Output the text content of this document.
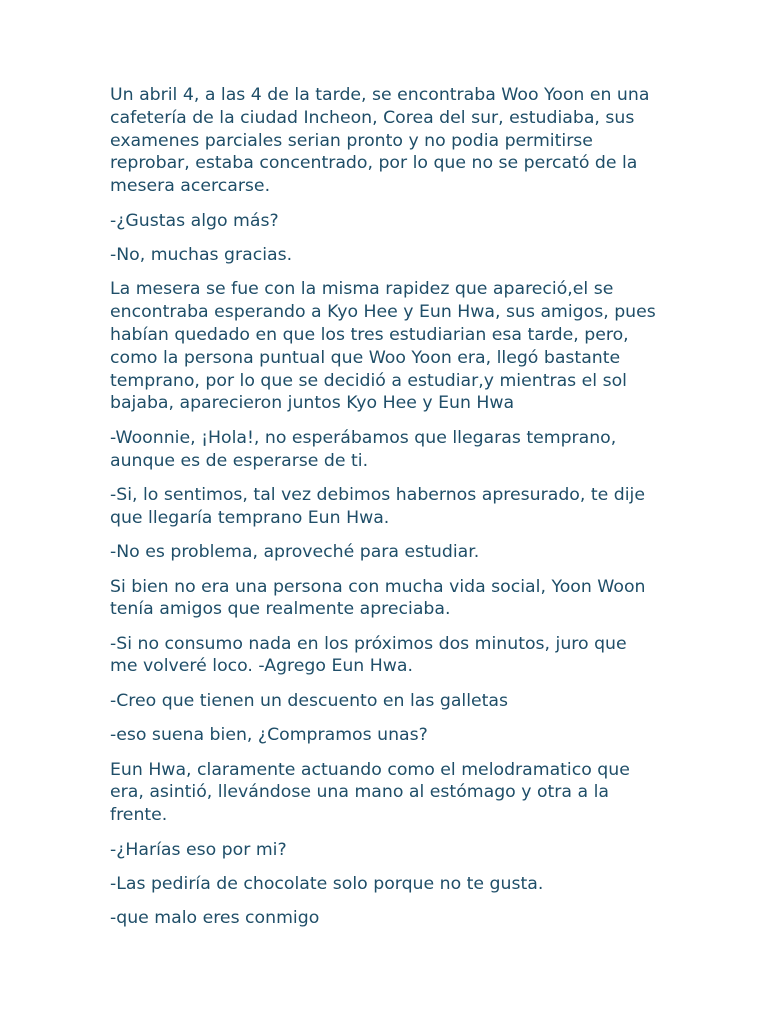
Un abril 4, a las 4 de la tarde, se encontraba Woo Yoon en una cafetería de la ciudad Incheon, Corea del sur, estudiaba, sus examenes parciales serian pronto y no podia permitirse reprobar, estaba concentrado, por lo que no se percató de la mesera acercarse.

-¿Gustas algo más?

-No, muchas gracias.

La mesera se fue con la misma rapidez que apareció,el se encontraba esperando a Kyo Hee y Eun Hwa, sus amigos, pues habían quedado en que los tres estudiarian esa tarde, pero, como la persona puntual que Woo Yoon era, llegó bastante temprano, por lo que se decidió a estudiar,y mientras el sol bajaba, aparecieron juntos Kyo Hee y Eun Hwa

-Woonnie, ¡Hola!, no esperábamos que llegaras temprano, aunque es de esperarse de ti.

-Si, lo sentimos, tal vez debimos habernos apresurado, te dije que llegaría temprano Eun Hwa.

-No es problema, aproveché para estudiar.

Si bien no era una persona con mucha vida social, Yoon Woon tenía amigos que realmente apreciaba.

-Si no consumo nada en los próximos dos minutos, juro que me volveré loco. -Agrego Eun Hwa.

-Creo que tienen un descuento en las galletas

-eso suena bien, ¿Compramos unas?

Eun Hwa, claramente actuando como el melodramatico que era, asintió, llevándose una mano al estómago y otra a la frente.

-¿Harías eso por mi?

-Las pediría de chocolate solo porque no te gusta.

-que malo eres conmigo
